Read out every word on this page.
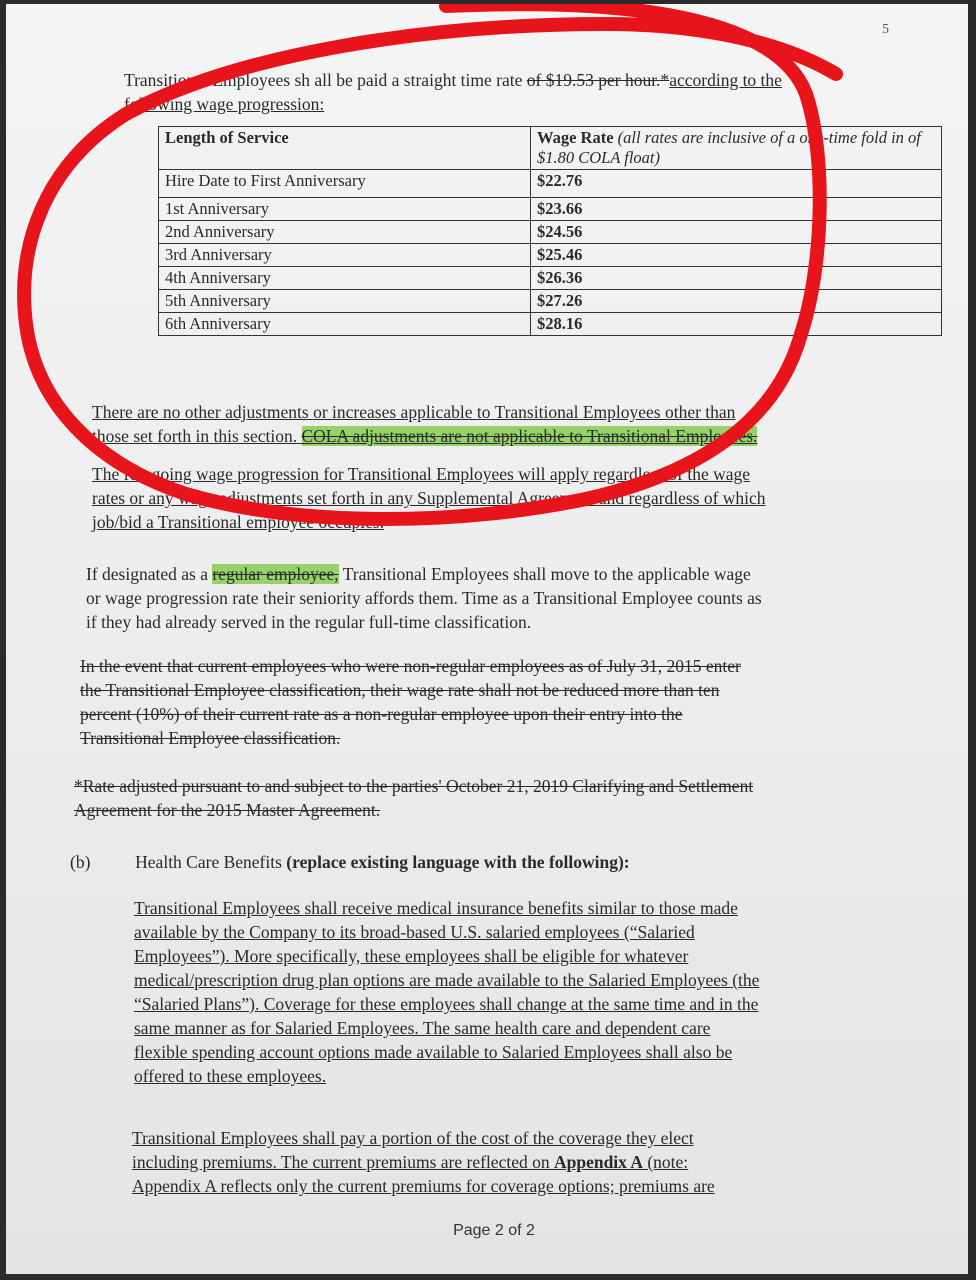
5
Transitional Employees sh all be paid a straight time rate of $19.53 per hour.*according to the
following wage progression:
Length of Service	Wage Rate (all rates are inclusive of a one-time fold in of $1.80 COLA float)
Hire Date to First Anniversary	$22.76
1st Anniversary	$23.66
2nd Anniversary	$24.56
3rd Anniversary	$25.46
4th Anniversary	$26.36
5th Anniversary	$27.26
6th Anniversary	$28.16
There are no other adjustments or increases applicable to Transitional Employees other than
those set forth in this section. COLA adjustments are not applicable to Transitional Employees.
The foregoing wage progression for Transitional Employees will apply regardless of the wage
rates or any wage adjustments set forth in any Supplemental Agreement and regardless of which
job/bid a Transitional employee occupies.
If designated as a regular employee, Transitional Employees shall move to the applicable wage
or wage progression rate their seniority affords them. Time as a Transitional Employee counts as
if they had already served in the regular full-time classification.
In the event that current employees who were non-regular employees as of July 31, 2015 enter
the Transitional Employee classification, their wage rate shall not be reduced more than ten
percent (10%) of their current rate as a non-regular employee upon their entry into the
Transitional Employee classification.
*Rate adjusted pursuant to and subject to the parties' October 21, 2019 Clarifying and Settlement
Agreement for the 2015 Master Agreement.
(b)	Health Care Benefits (replace existing language with the following):
Transitional Employees shall receive medical insurance benefits similar to those made
available by the Company to its broad-based U.S. salaried employees (“Salaried
Employees”). More specifically, these employees shall be eligible for whatever
medical/prescription drug plan options are made available to the Salaried Employees (the
“Salaried Plans”). Coverage for these employees shall change at the same time and in the
same manner as for Salaried Employees. The same health care and dependent care
flexible spending account options made available to Salaried Employees shall also be
offered to these employees.
Transitional Employees shall pay a portion of the cost of the coverage they elect
including premiums. The current premiums are reflected on Appendix A (note:
Appendix A reflects only the current premiums for coverage options; premiums are
Page 2 of 2
